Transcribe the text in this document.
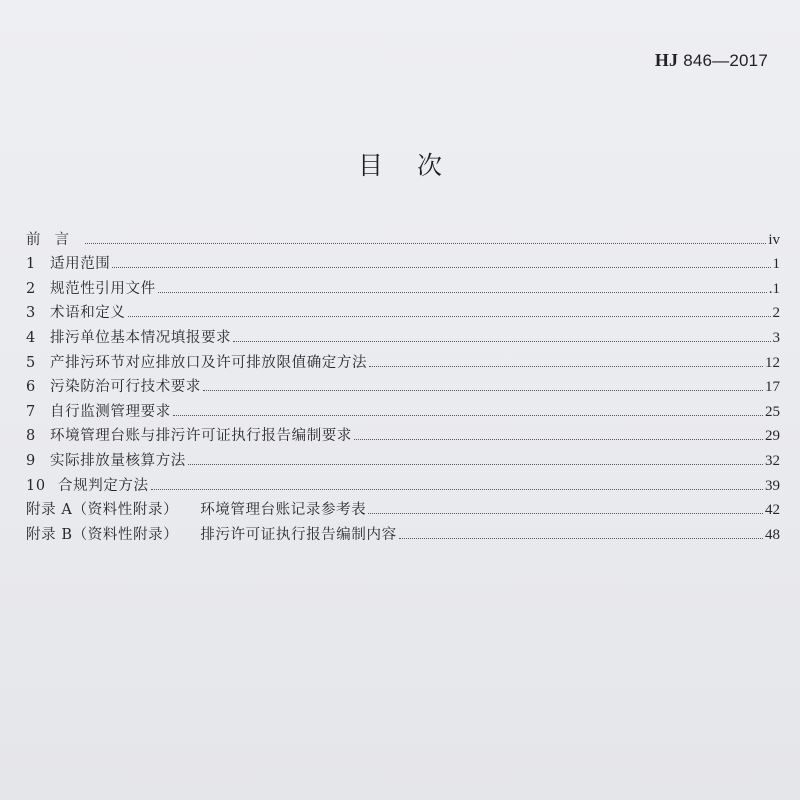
HJ 846—2017
目次
前言	iv
1 适用范围	1
2 规范性引用文件	.1
3 术语和定义	2
4 排污单位基本情况填报要求	3
5 产排污环节对应排放口及许可排放限值确定方法	12
6 污染防治可行技术要求	17
7 自行监测管理要求	25
8 环境管理台账与排污许可证执行报告编制要求	29
9 实际排放量核算方法	32
10 合规判定方法	39
附录 A（资料性附录） 环境管理台账记录参考表	42
附录 B（资料性附录） 排污许可证执行报告编制内容	48
